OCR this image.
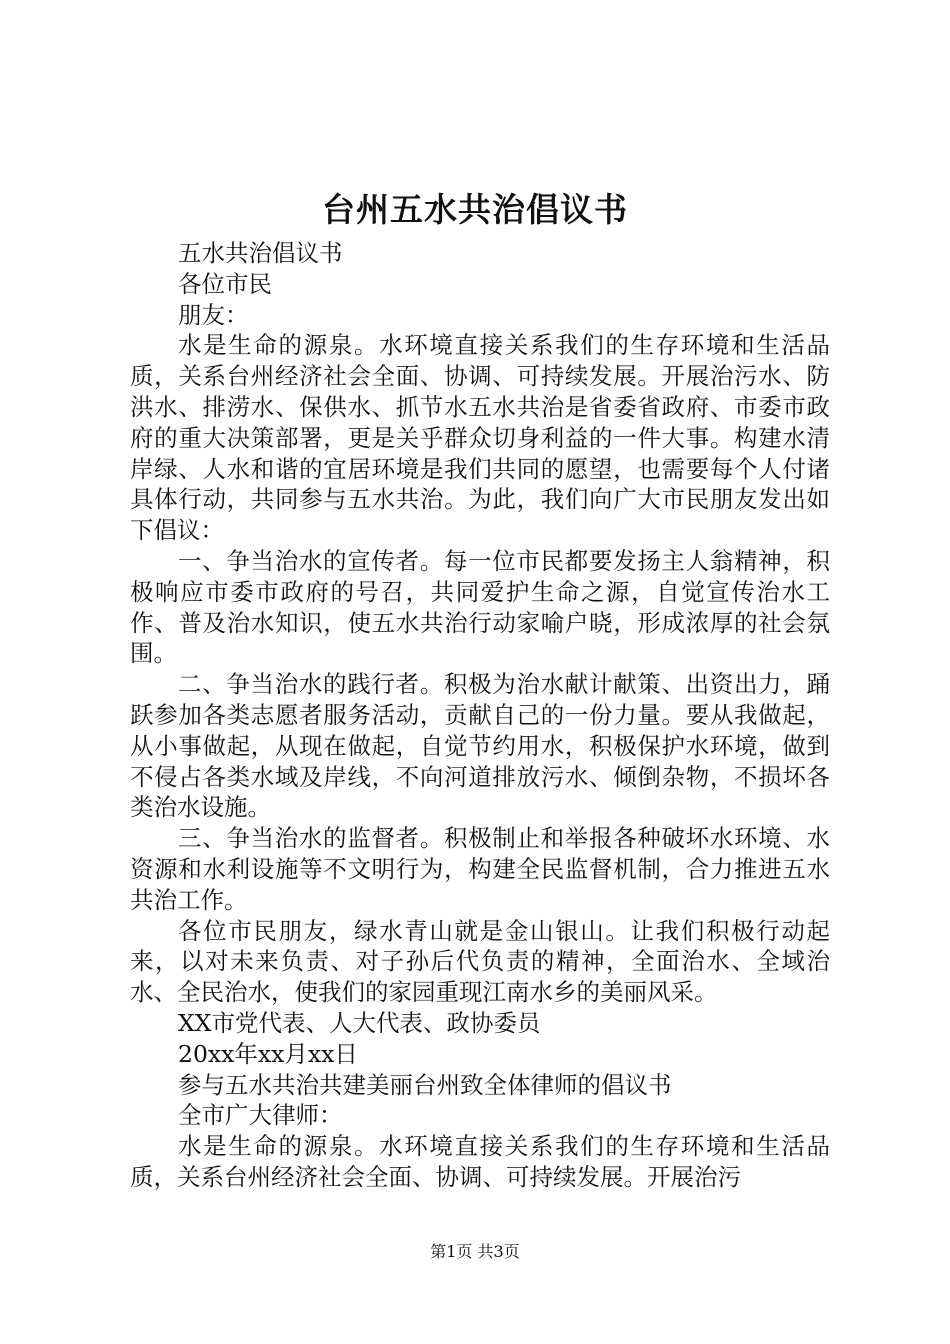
台州五水共治倡议书

五水共治倡议书

各位市民

朋友：

水是生命的源泉。水环境直接关系我们的生存环境和生活品质，关系台州经济社会全面、协调、可持续发展。开展治污水、防洪水、排涝水、保供水、抓节水五水共治是省委省政府、市委市政府的重大决策部署，更是关乎群众切身利益的一件大事。构建水清岸绿、人水和谐的宜居环境是我们共同的愿望，也需要每个人付诸具体行动，共同参与五水共治。为此，我们向广大市民朋友发出如下倡议：

一、争当治水的宣传者。每一位市民都要发扬主人翁精神，积极响应市委市政府的号召，共同爱护生命之源，自觉宣传治水工作、普及治水知识，使五水共治行动家喻户晓，形成浓厚的社会氛围。

二、争当治水的践行者。积极为治水献计献策、出资出力，踊跃参加各类志愿者服务活动，贡献自己的一份力量。要从我做起，从小事做起，从现在做起，自觉节约用水，积极保护水环境，做到不侵占各类水域及岸线，不向河道排放污水、倾倒杂物，不损坏各类治水设施。

三、争当治水的监督者。积极制止和举报各种破坏水环境、水资源和水利设施等不文明行为，构建全民监督机制，合力推进五水共治工作。

各位市民朋友，绿水青山就是金山银山。让我们积极行动起来，以对未来负责、对子孙后代负责的精神，全面治水、全域治水、全民治水，使我们的家园重现江南水乡的美丽风采。

XX市党代表、人大代表、政协委员

20xx年xx月xx日

参与五水共治共建美丽台州致全体律师的倡议书

全市广大律师：

水是生命的源泉。水环境直接关系我们的生存环境和生活品质，关系台州经济社会全面、协调、可持续发展。开展治污

第1页 共3页
